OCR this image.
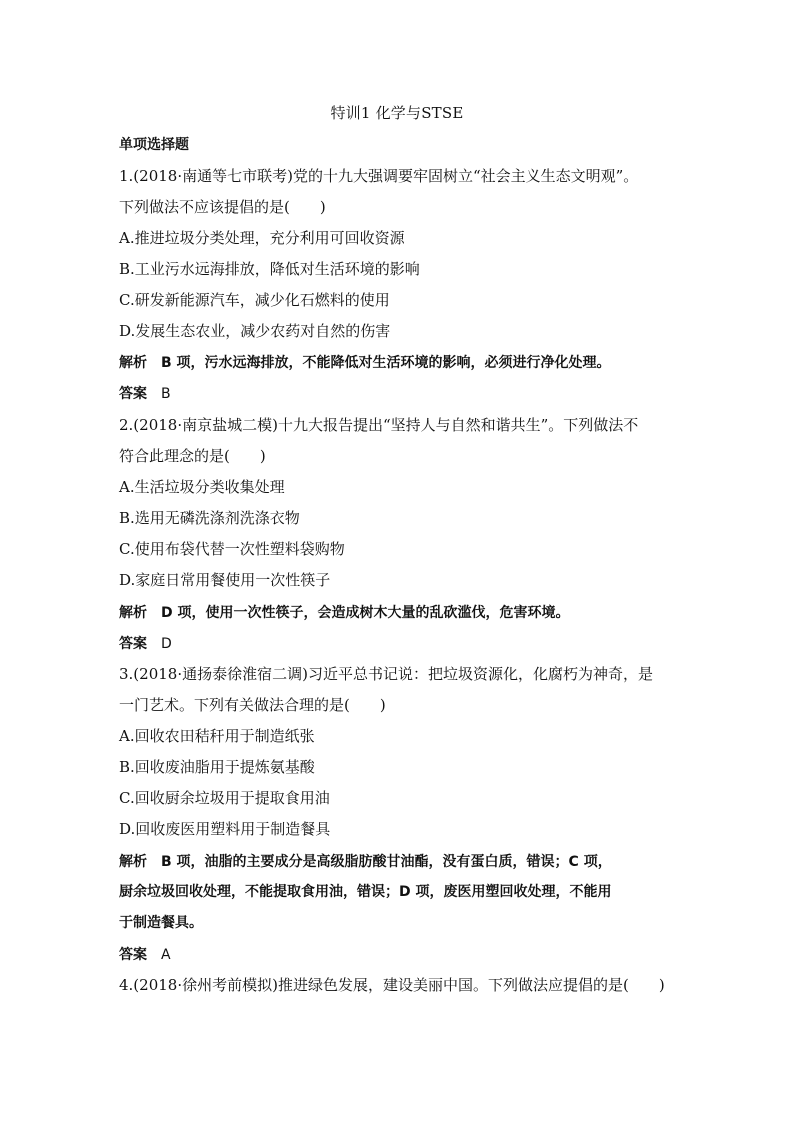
特训1 化学与STSE
单项选择题
1.(2018·南通等七市联考)党的十九大强调要牢固树立“社会主义生态文明观”。
下列做法不应该提倡的是(　　)
A.推进垃圾分类处理，充分利用可回收资源
B.工业污水远海排放，降低对生活环境的影响
C.研发新能源汽车，减少化石燃料的使用
D.发展生态农业，减少农药对自然的伤害
解析 B 项，污水远海排放，不能降低对生活环境的影响，必须进行净化处理。
答案 B
2.(2018·南京盐城二模)十九大报告提出“坚持人与自然和谐共生”。下列做法不
符合此理念的是(　　)
A.生活垃圾分类收集处理
B.选用无磷洗涤剂洗涤衣物
C.使用布袋代替一次性塑料袋购物
D.家庭日常用餐使用一次性筷子
解析 D 项，使用一次性筷子，会造成树木大量的乱砍滥伐，危害环境。
答案 D
3.(2018·通扬泰徐淮宿二调)习近平总书记说：把垃圾资源化，化腐朽为神奇，是
一门艺术。下列有关做法合理的是(　　)
A.回收农田秸秆用于制造纸张
B.回收废油脂用于提炼氨基酸
C.回收厨余垃圾用于提取食用油
D.回收废医用塑料用于制造餐具
解析 B 项，油脂的主要成分是高级脂肪酸甘油酯，没有蛋白质，错误；C 项，
厨余垃圾回收处理，不能提取食用油，错误；D 项，废医用塑回收处理，不能用
于制造餐具。
答案 A
4.(2018·徐州考前模拟)推进绿色发展，建设美丽中国。下列做法应提倡的是(　　)
